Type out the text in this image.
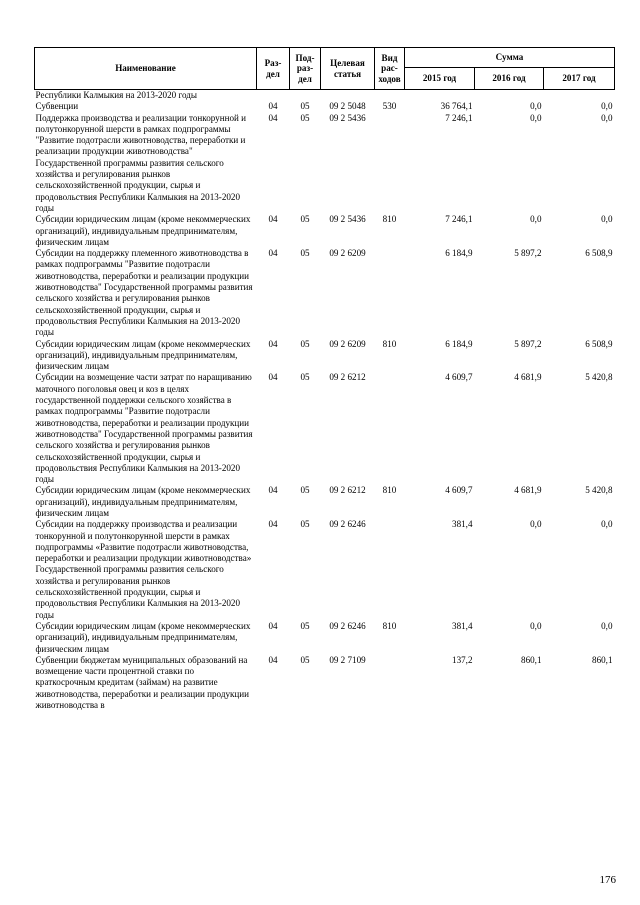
Наименование	Раз-дел	Под-раз-дел	Целевая статья	Вид рас-ходов	Сумма		
					2015 год	2016 год	2017 год
Республики Калмыкия на 2013-2020 годы							
Субвенции	04	05	09 2 5048	530	36 764,1	0,0	0,0
Поддержка производства и реализации тонкорунной и полутонкорунной шерсти в рамках подпрограммы "Развитие подотрасли животноводства, переработки и реализации продукции животноводства" Государственной программы развития сельского хозяйства и регулирования рынков сельскохозяйственной продукции, сырья и продовольствия Республики Калмыкия на 2013-2020 годы	04	05	09 2 5436		7 246,1	0,0	0,0
Субсидии юридическим лицам (кроме некоммерческих организаций), индивидуальным предпринимателям, физическим лицам	04	05	09 2 5436	810	7 246,1	0,0	0,0
Субсидии на поддержку племенного животноводства в рамках подпрограммы "Развитие подотрасли животноводства, переработки и реализации продукции животноводства" Государственной программы развития сельского хозяйства и регулирования рынков сельскохозяйственной продукции, сырья и продовольствия Республики Калмыкия на 2013-2020 годы	04	05	09 2 6209		6 184,9	5 897,2	6 508,9
Субсидии юридическим лицам (кроме некоммерческих организаций), индивидуальным предпринимателям, физическим лицам	04	05	09 2 6209	810	6 184,9	5 897,2	6 508,9
Субсидии на возмещение части затрат по наращиванию маточного поголовья овец и коз в целях государственной поддержки сельского хозяйства в рамках подпрограммы "Развитие подотрасли животноводства, переработки и реализации продукции животноводства" Государственной программы развития сельского хозяйства и регулирования рынков сельскохозяйственной продукции, сырья и продовольствия Республики Калмыкия на 2013-2020 годы	04	05	09 2 6212		4 609,7	4 681,9	5 420,8
Субсидии юридическим лицам (кроме некоммерческих организаций), индивидуальным предпринимателям, физическим лицам	04	05	09 2 6212	810	4 609,7	4 681,9	5 420,8
Субсидии на поддержку производства и реализации тонкорунной и полутонкорунной шерсти в рамках подпрограммы «Развитие подотрасли животноводства, переработки и реализации продукции животноводства» Государственной программы развития сельского хозяйства и регулирования рынков сельскохозяйственной продукции, сырья и продовольствия Республики Калмыкия на 2013-2020 годы	04	05	09 2 6246		381,4	0,0	0,0
Субсидии юридическим лицам (кроме некоммерческих организаций), индивидуальным предпринимателям, физическим лицам	04	05	09 2 6246	810	381,4	0,0	0,0
Субвенции бюджетам муниципальных образований на возмещение части процентной ставки по краткосрочным кредитам (займам) на развитие животноводства, переработки и реализации продукции животноводства в	04	05	09 2 7109		137,2	860,1	860,1
176
